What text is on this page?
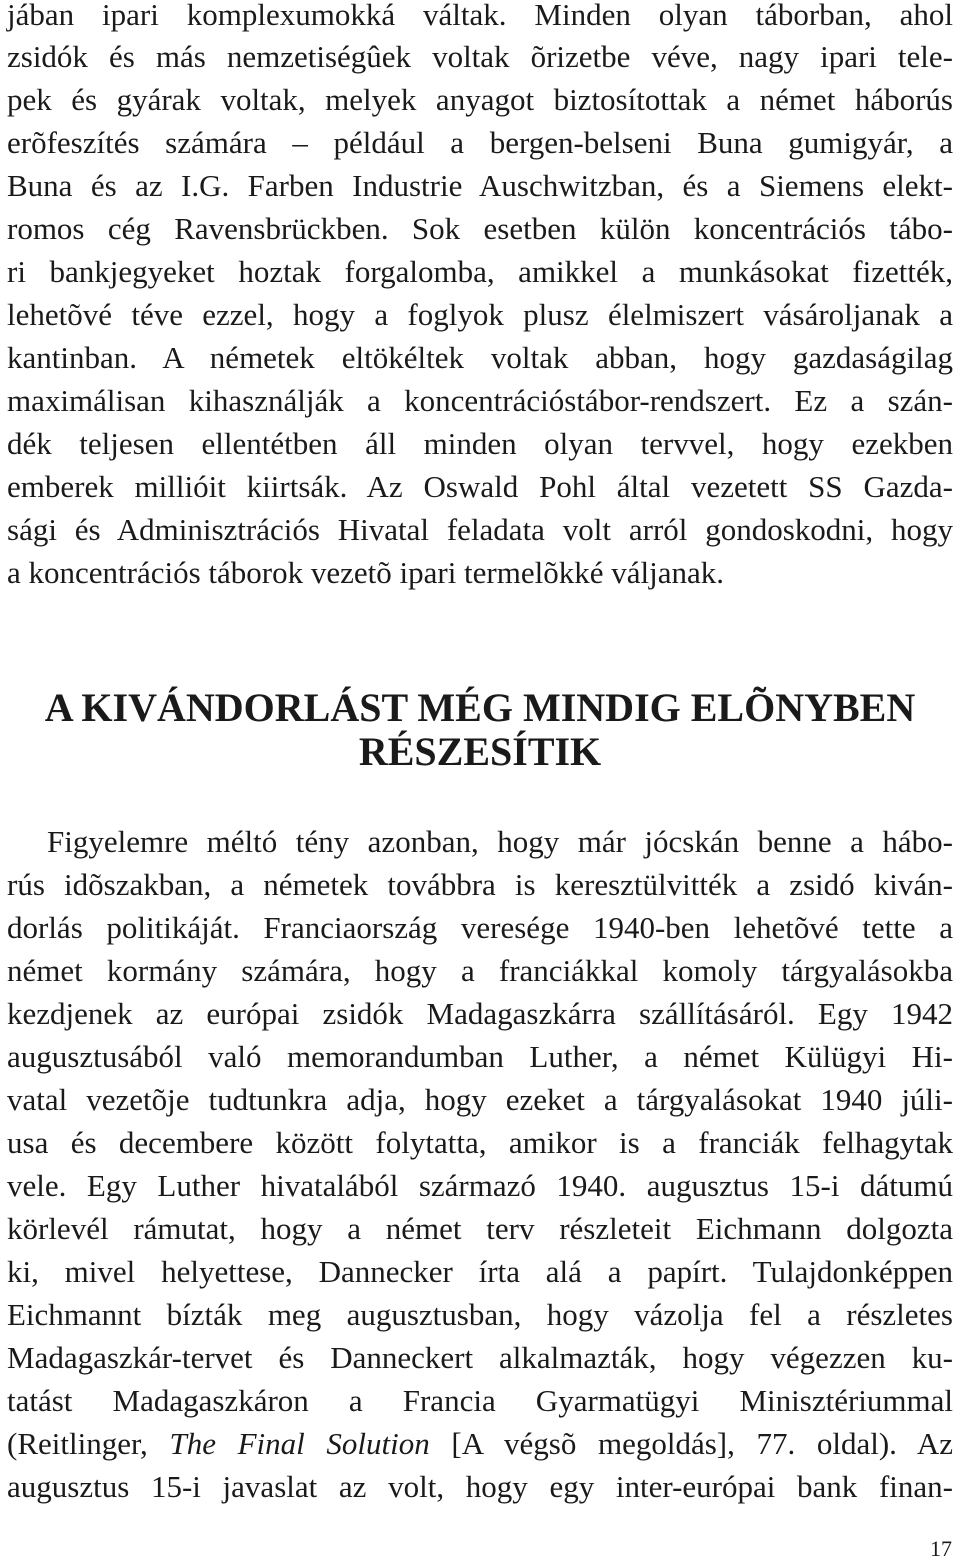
jában ipari komplexumokká váltak. Minden olyan táborban, ahol
zsidók és más nemzetiségûek voltak õrizetbe véve, nagy ipari tele-
pek és gyárak voltak, melyek anyagot biztosítottak a német háborús
erõfeszítés számára – például a bergen-belseni Buna gumigyár, a
Buna és az I.G. Farben Industrie Auschwitzban, és a Siemens elekt-
romos cég Ravensbrückben. Sok esetben külön koncentrációs tábo-
ri bankjegyeket hoztak forgalomba, amikkel a munkásokat fizették,
lehetõvé téve ezzel, hogy a foglyok plusz élelmiszert vásároljanak a
kantinban. A németek eltökéltek voltak abban, hogy gazdaságilag
maximálisan kihasználják a koncentrációstábor-rendszert. Ez a szán-
dék teljesen ellentétben áll minden olyan tervvel, hogy ezekben
emberek millióit kiirtsák. Az Oswald Pohl által vezetett SS Gazda-
sági és Adminisztrációs Hivatal feladata volt arról gondoskodni, hogy
a koncentrációs táborok vezetõ ipari termelõkké váljanak.
A KIVÁNDORLÁST MÉG MINDIG ELÕNYBEN
RÉSZESÍTIK
Figyelemre méltó tény azonban, hogy már jócskán benne a hábo-
rús idõszakban, a németek továbbra is keresztülvitték a zsidó kiván-
dorlás politikáját. Franciaország veresége 1940-ben lehetõvé tette a
német kormány számára, hogy a franciákkal komoly tárgyalásokba
kezdjenek az európai zsidók Madagaszkárra szállításáról. Egy 1942
augusztusából való memorandumban Luther, a német Külügyi Hi-
vatal vezetõje tudtunkra adja, hogy ezeket a tárgyalásokat 1940 júli-
usa és decembere között folytatta, amikor is a franciák felhagytak
vele. Egy Luther hivatalából származó 1940. augusztus 15-i dátumú
körlevél rámutat, hogy a német terv részleteit Eichmann dolgozta
ki, mivel helyettese, Dannecker írta alá a papírt. Tulajdonképpen
Eichmannt bízták meg augusztusban, hogy vázolja fel a részletes
Madagaszkár-tervet és Danneckert alkalmazták, hogy végezzen ku-
tatást Madagaszkáron a Francia Gyarmatügyi Minisztériummal
(Reitlinger, The Final Solution [A végsõ megoldás], 77. oldal). Az
augusztus 15-i javaslat az volt, hogy egy inter-európai bank finan-
17
